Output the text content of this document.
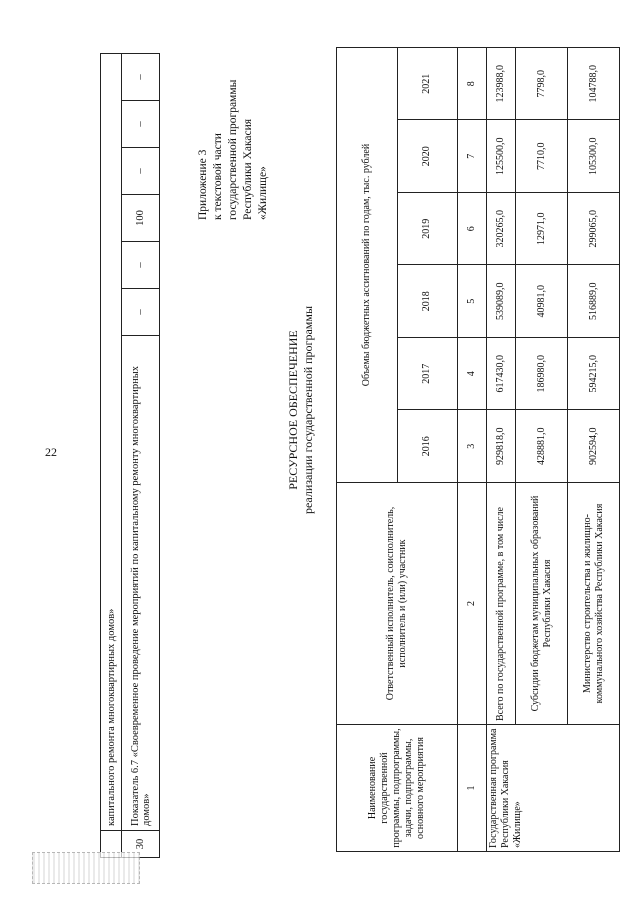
22
	капитального ремонта многоквартирных домов»						
30	Показатель 6.7 «Своевременное проведение мероприятий по капитальному ремонту многоквартирных домов»	–	–	100	–	–	–
Приложение 3 к текстовой части государственной программы Республики Хакасия «Жилище»
РЕСУРСНОЕ ОБЕСПЕЧЕНИЕ реализации государственной программы
Наименование государственной программы, подпрограммы, задачи, подпрограммы, основного мероприятия	Ответственный исполнитель, соисполнитель, исполнитель и (или) участник	Объемы бюджетных ассигнований по годам, тыс. рублей					
		2016	2017	2018	2019	2020	2021
1	2	3	4	5	6	7	8
Государственная программа Республики Хакасия «Жилище»	Всего по государственной программе, в том числе	929818,0	617430,0	539089,0	320265,0	125500,0	123988,0
	Субсидии бюджетам муниципальных образований Республики Хакасия	428881,0	186980,0	40981,0	12971,0	7710,0	7798,0
	Министерство строительства и жилищно-коммунального хозяйства Республики Хакасия	902594,0	594215,0	516889,0	299065,0	105300,0	104788,0
